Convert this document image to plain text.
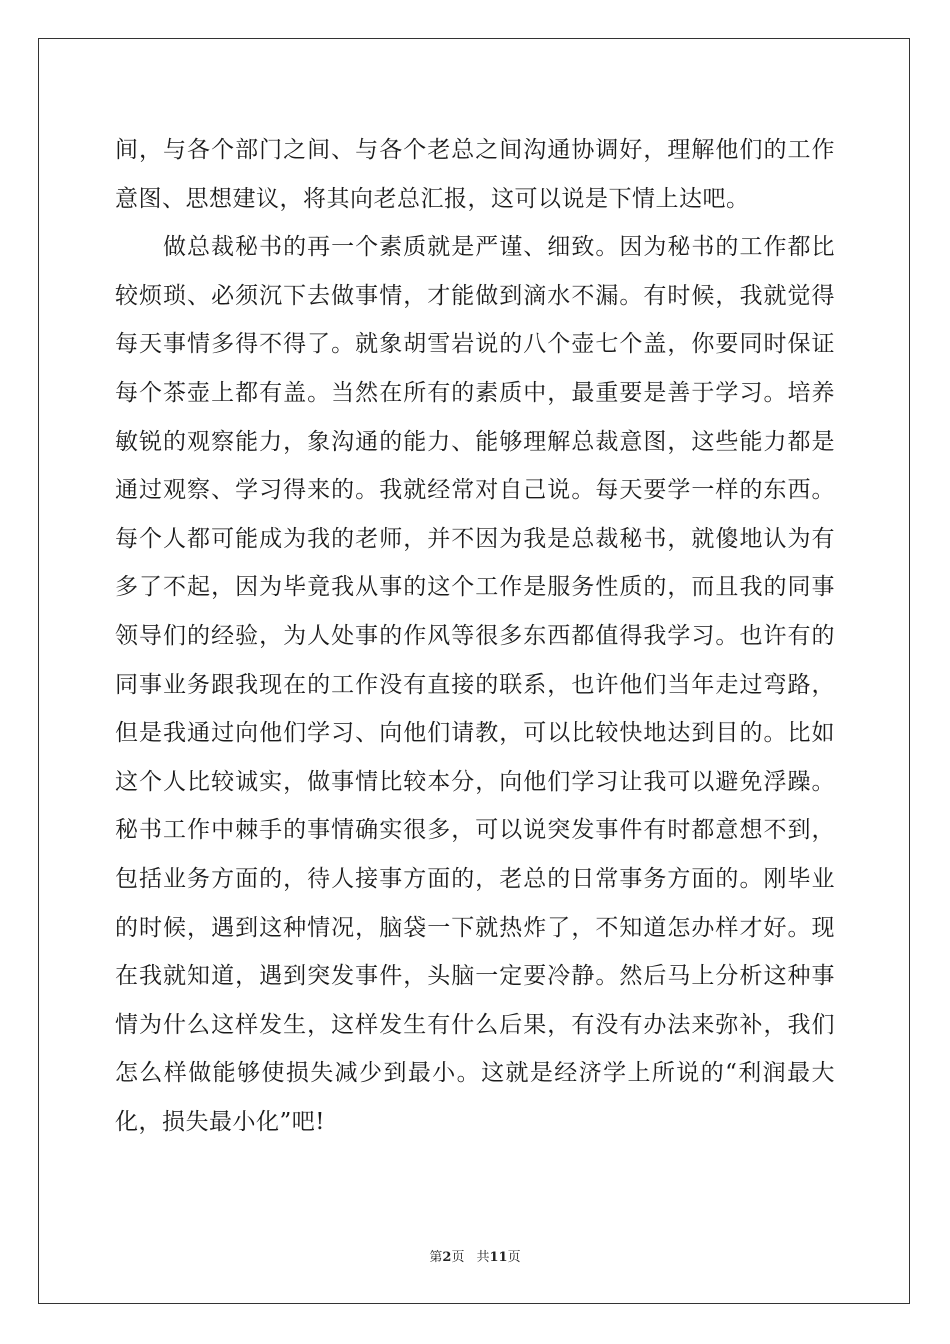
间，与各个部门之间、与各个老总之间沟通协调好，理解他们的工作
意图、思想建议，将其向老总汇报，这可以说是下情上达吧。
做总裁秘书的再一个素质就是严谨、细致。因为秘书的工作都比
较烦琐、必须沉下去做事情，才能做到滴水不漏。有时候，我就觉得
每天事情多得不得了。就象胡雪岩说的八个壶七个盖，你要同时保证
每个茶壶上都有盖。当然在所有的素质中，最重要是善于学习。培养
敏锐的观察能力，象沟通的能力、能够理解总裁意图，这些能力都是
通过观察、学习得来的。我就经常对自己说。每天要学一样的东西。
每个人都可能成为我的老师，并不因为我是总裁秘书，就傻地认为有
多了不起，因为毕竟我从事的这个工作是服务性质的，而且我的同事
领导们的经验，为人处事的作风等很多东西都值得我学习。也许有的
同事业务跟我现在的工作没有直接的联系，也许他们当年走过弯路，
但是我通过向他们学习、向他们请教，可以比较快地达到目的。比如
这个人比较诚实，做事情比较本分，向他们学习让我可以避免浮躁。
秘书工作中棘手的事情确实很多，可以说突发事件有时都意想不到，
包括业务方面的，待人接事方面的，老总的日常事务方面的。刚毕业
的时候，遇到这种情况，脑袋一下就热炸了，不知道怎办样才好。现
在我就知道，遇到突发事件，头脑一定要冷静。然后马上分析这种事
情为什么这样发生，这样发生有什么后果，有没有办法来弥补，我们
怎么样做能够使损失减少到最小。这就是经济学上所说的“利润最大
化，损失最小化”吧!
第2页 共11页
